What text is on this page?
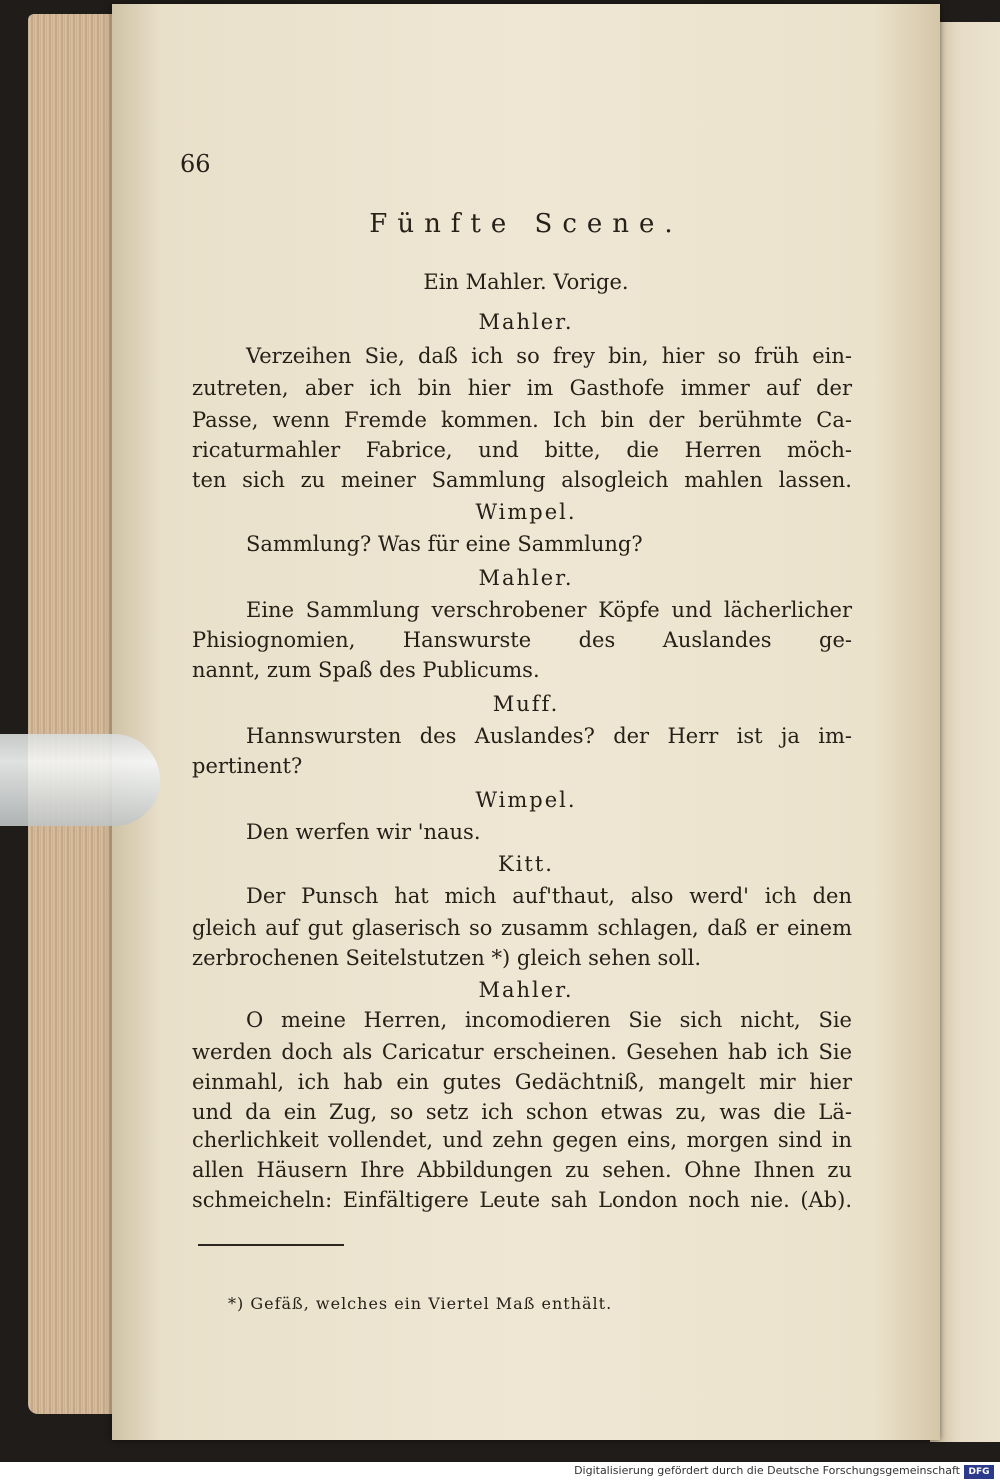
66
Fünfte Scene.
Ein Mahler. Vorige.
Mahler.
Verzeihen Sie, daß ich so frey bin, hier so früh ein-
zutreten, aber ich bin hier im Gasthofe immer auf der
Passe, wenn Fremde kommen. Ich bin der berühmte Ca-
ricaturmahler Fabrice, und bitte, die Herren möch-
ten sich zu meiner Sammlung alsogleich mahlen lassen.
Wimpel.
Sammlung? Was für eine Sammlung?
Mahler.
Eine Sammlung verschrobener Köpfe und lächerlicher
Phisiognomien, Hanswurste des Auslandes ge-
nannt, zum Spaß des Publicums.
Muff.
Hannswursten des Auslandes? der Herr ist ja im-
pertinent?
Wimpel.
Den werfen wir 'naus.
Kitt.
Der Punsch hat mich auf'thaut, also werd' ich den
gleich auf gut glaserisch so zusamm schlagen, daß er einem
zerbrochenen Seitelstutzen *) gleich sehen soll.
Mahler.
O meine Herren, incomodieren Sie sich nicht, Sie
werden doch als Caricatur erscheinen. Gesehen hab ich Sie
einmahl, ich hab ein gutes Gedächtniß, mangelt mir hier
und da ein Zug, so setz ich schon etwas zu, was die Lä-
cherlichkeit vollendet, und zehn gegen eins, morgen sind in
allen Häusern Ihre Abbildungen zu sehen. Ohne Ihnen zu
schmeicheln: Einfältigere Leute sah London noch nie. (Ab).
*) Gefäß, welches ein Viertel Maß enthält.
Digitalisierung gefördert durch die Deutsche Forschungsgemeinschaft DFG
